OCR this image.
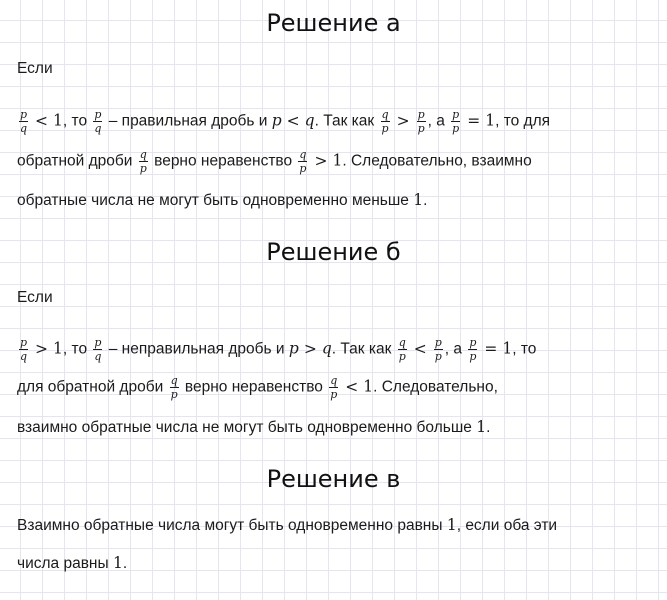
Решение а
Если
$\frac{p}{q} < 1$, то $\frac{p}{q}$ – правильная дробь и p < q. Так как $\frac{q}{p} > \frac{p}{p}$ , а $\frac{p}{p} = 1$, то для
обратной дроби $\frac{q}{p}$ верно неравенство $\frac{q}{p} > 1$. Следовательно, взаимно
обратные числа не могут быть одновременно меньше 1.
Решение б
Если
$\frac{p}{q} > 1$, то $\frac{p}{q}$ – неправильная дробь и p > q. Так как $\frac{q}{p} < \frac{p}{p}$ , а $\frac{p}{p} = 1$, то
для обратной дроби $\frac{q}{p}$ верно неравенство $\frac{q}{p} < 1$. Следовательно,
взаимно обратные числа не могут быть одновременно больше 1.
Решение в
Взаимно обратные числа могут быть одновременно равны 1, если оба эти
числа равны 1.
